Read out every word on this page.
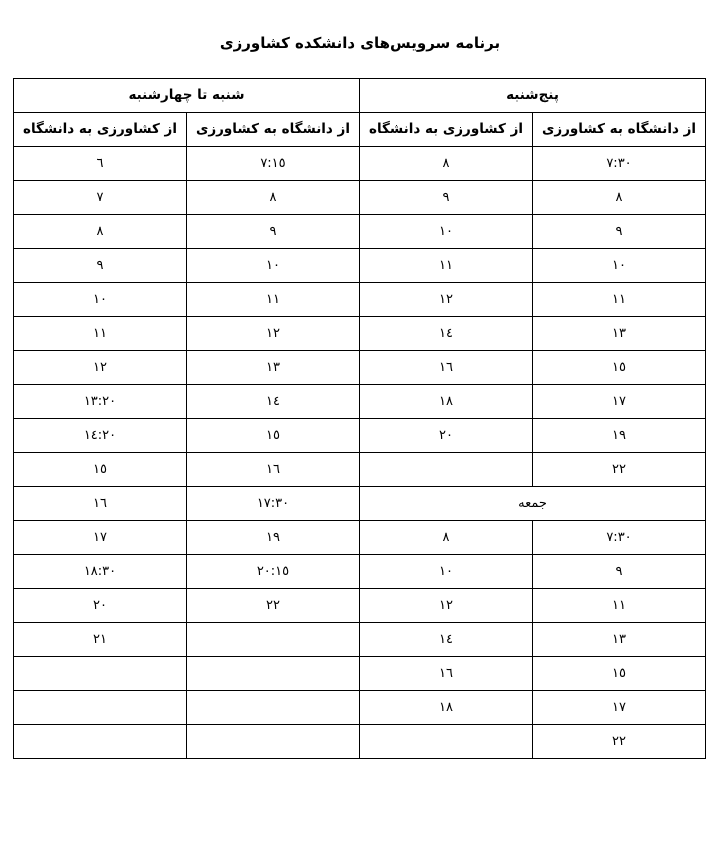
برنامه سرویس‌های دانشکده کشاورزی
پنج‌شنبه		شنبه تا چهارشنبه	
از دانشگاه به کشاورزی	از کشاورزی به دانشگاه	از دانشگاه به کشاورزی	از کشاورزی به دانشگاه
٧:٣٠	٨	٧:١٥	٦
٨	٩	٨	٧
٩	١٠	٩	٨
١٠	١١	١٠	٩
١١	١٢	١١	١٠
١٣	١٤	١٢	١١
١٥	١٦	١٣	١٢
١٧	١٨	١٤	١٣:٢٠
١٩	٢٠	١٥	١٤:٢٠
٢٢		١٦	١٥
جمعه		١٧:٣٠	١٦
٧:٣٠	٨	١٩	١٧
٩	١٠	٢٠:١٥	١٨:٣٠
١١	١٢	٢٢	٢٠
١٣	١٤		٢١
١٥	١٦		
١٧	١٨		
٢٢			
